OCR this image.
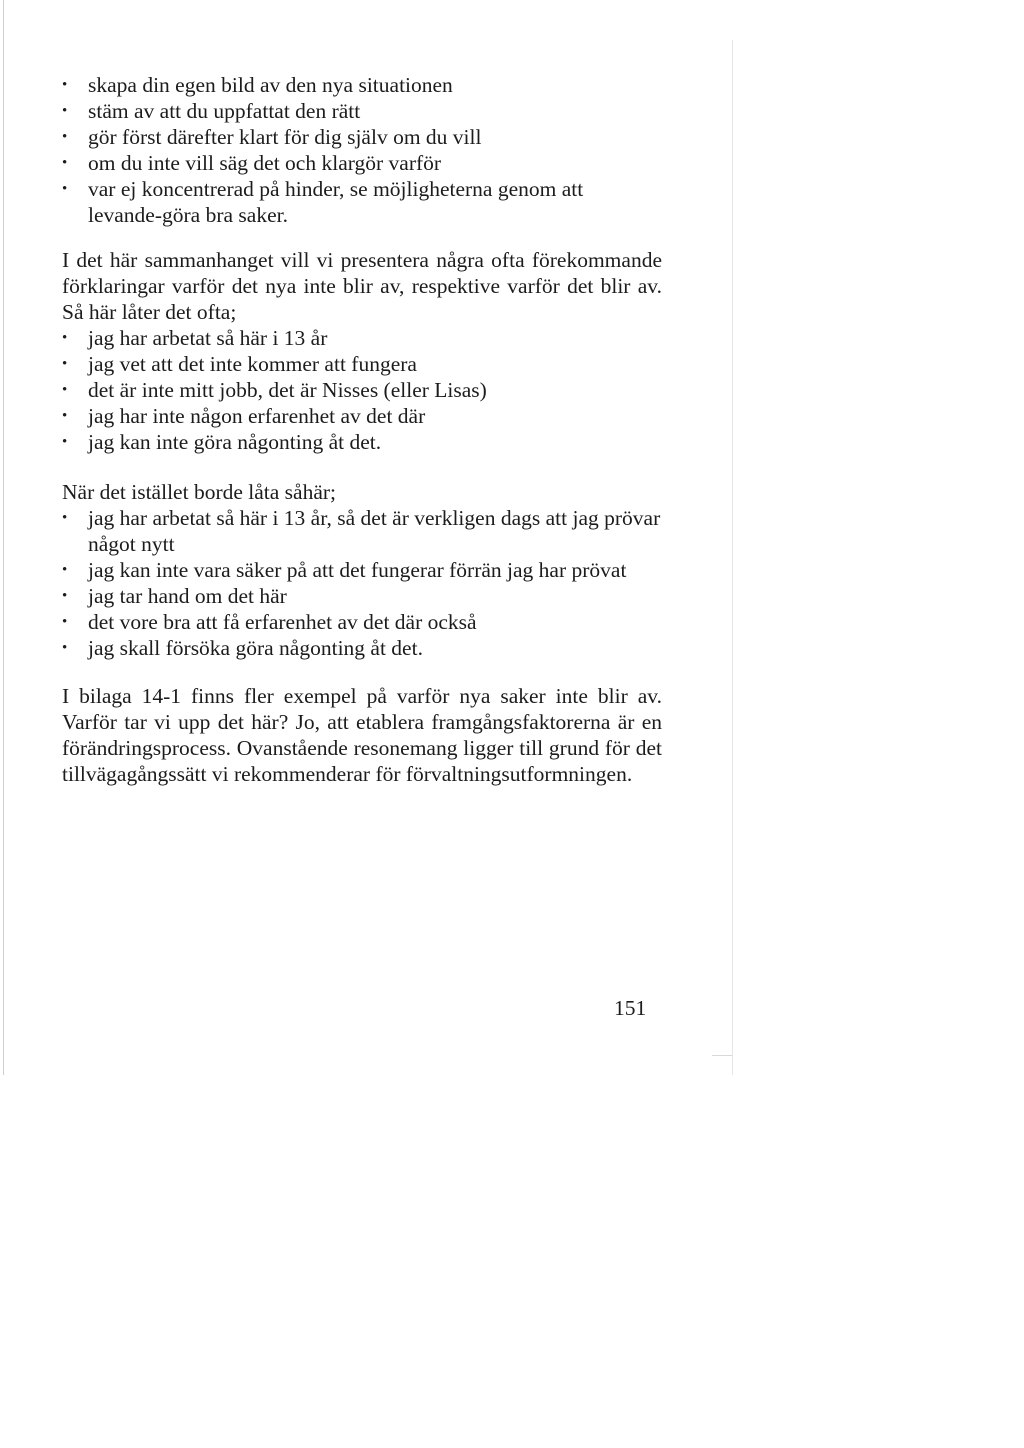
• skapa din egen bild av den nya situationen
• stäm av att du uppfattat den rätt
• gör först därefter klart för dig själv om du vill
• om du inte vill säg det och klargör varför
• var ej koncentrerad på hinder, se möjligheterna genom att levande-göra bra saker.

I det här sammanhanget vill vi presentera några ofta förekommande förklaringar varför det nya inte blir av, respektive varför det blir av. Så här låter det ofta;

• jag har arbetat så här i 13 år
• jag vet att det inte kommer att fungera
• det är inte mitt jobb, det är Nisses (eller Lisas)
• jag har inte någon erfarenhet av det där
• jag kan inte göra någonting åt det.

När det istället borde låta såhär;

• jag har arbetat så här i 13 år, så det är verkligen dags att jag prövar något nytt
• jag kan inte vara säker på att det fungerar förrän jag har prövat
• jag tar hand om det här
• det vore bra att få erfarenhet av det där också
• jag skall försöka göra någonting åt det.

I bilaga 14-1 finns fler exempel på varför nya saker inte blir av. Varför tar vi upp det här? Jo, att etablera framgångsfaktorerna är en förändringsprocess. Ovanstående resonemang ligger till grund för det tillvägagångssätt vi rekommenderar för förvaltningsutformningen.

151
